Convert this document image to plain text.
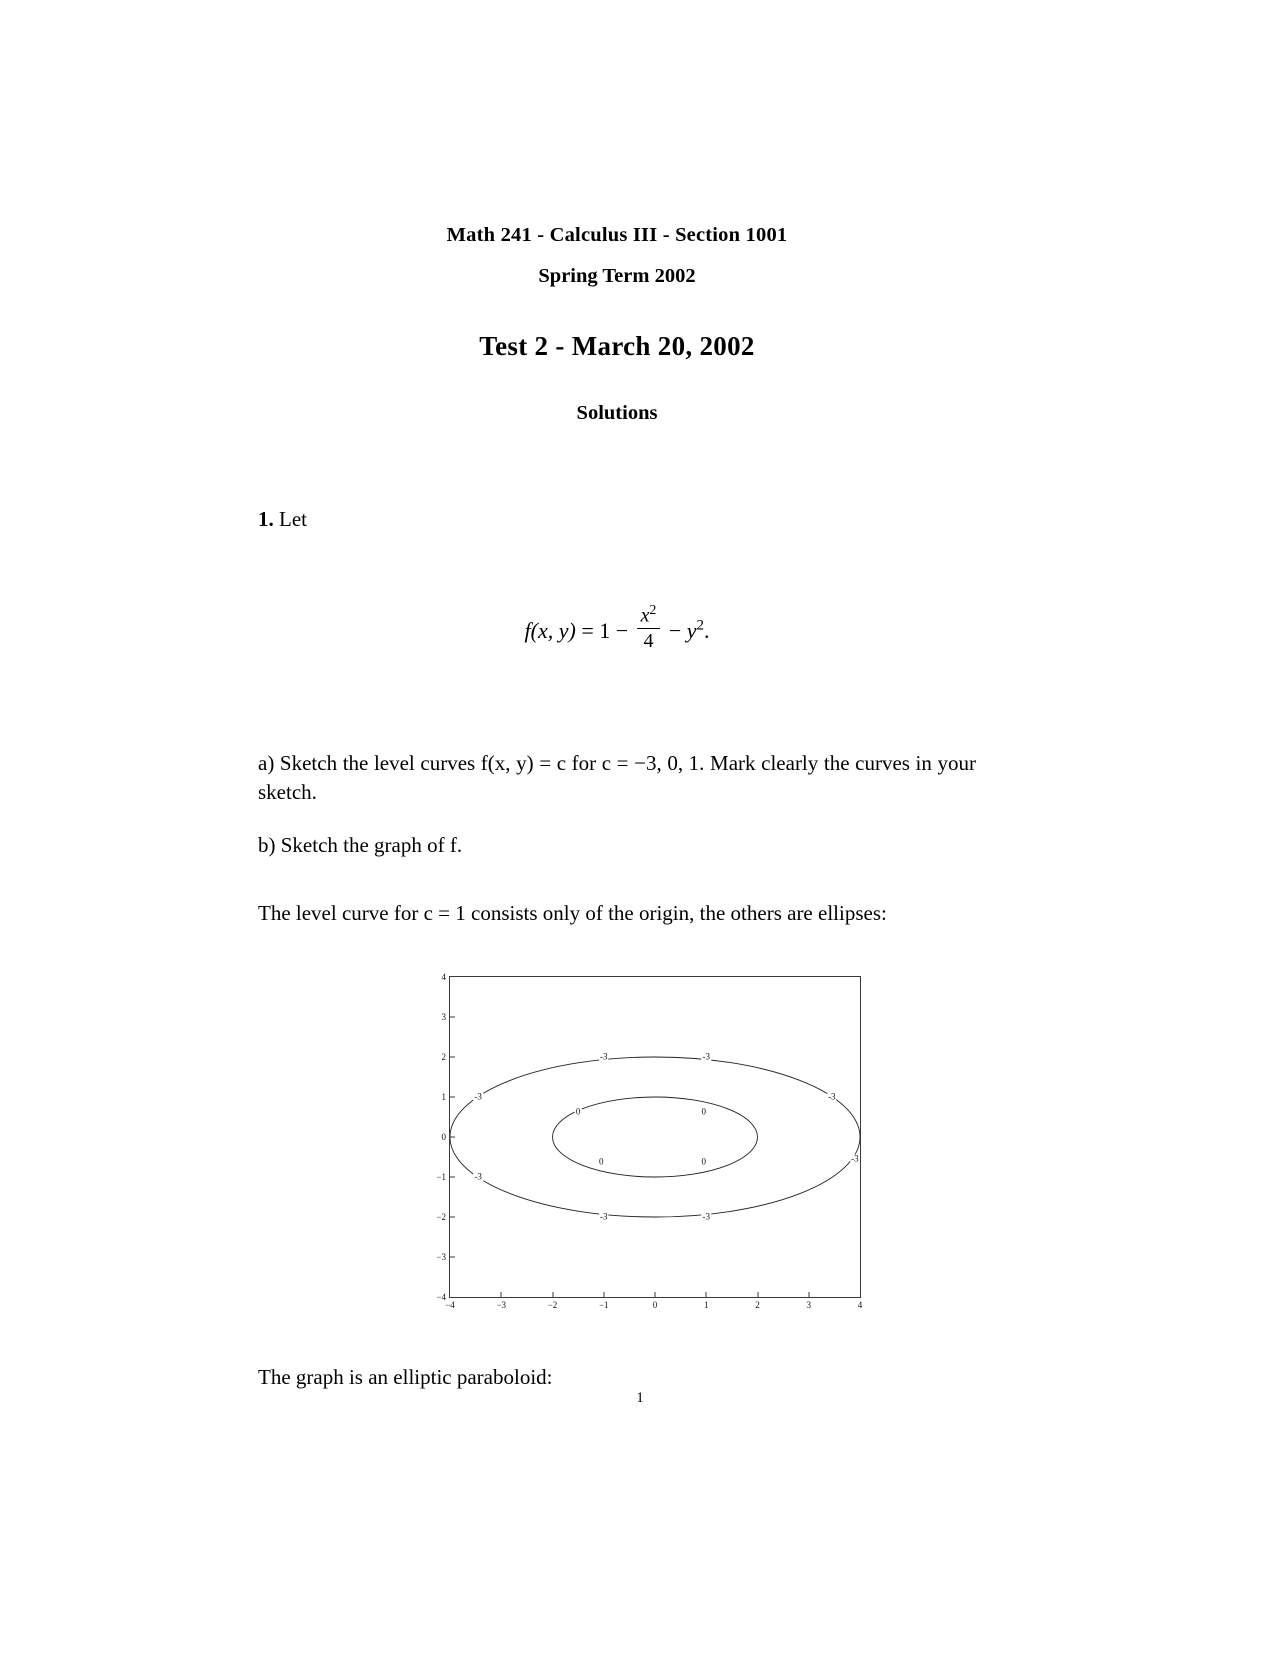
Math 241 - Calculus III - Section 1001
Spring Term 2002
Test 2 - March 20, 2002
Solutions
1. Let
f(x, $y) = 1 - \frac{x^2}{4} - y^2$.
a) Sketch the level curves f(x, y) = c for c = −3, 0, 1. Mark clearly the curves in your sketch.
b) Sketch the graph of f.
The level curve for c = 1 consists only of the origin, the others are ellipses:
-3	-3
-3	-3
-3
-3
-3	-3
0	0
0	0
−4
−3
−2
−1
0
1
2
3
4
−4	−3	−2	−1	0	1	2	3	4
The graph is an elliptic paraboloid:
1
